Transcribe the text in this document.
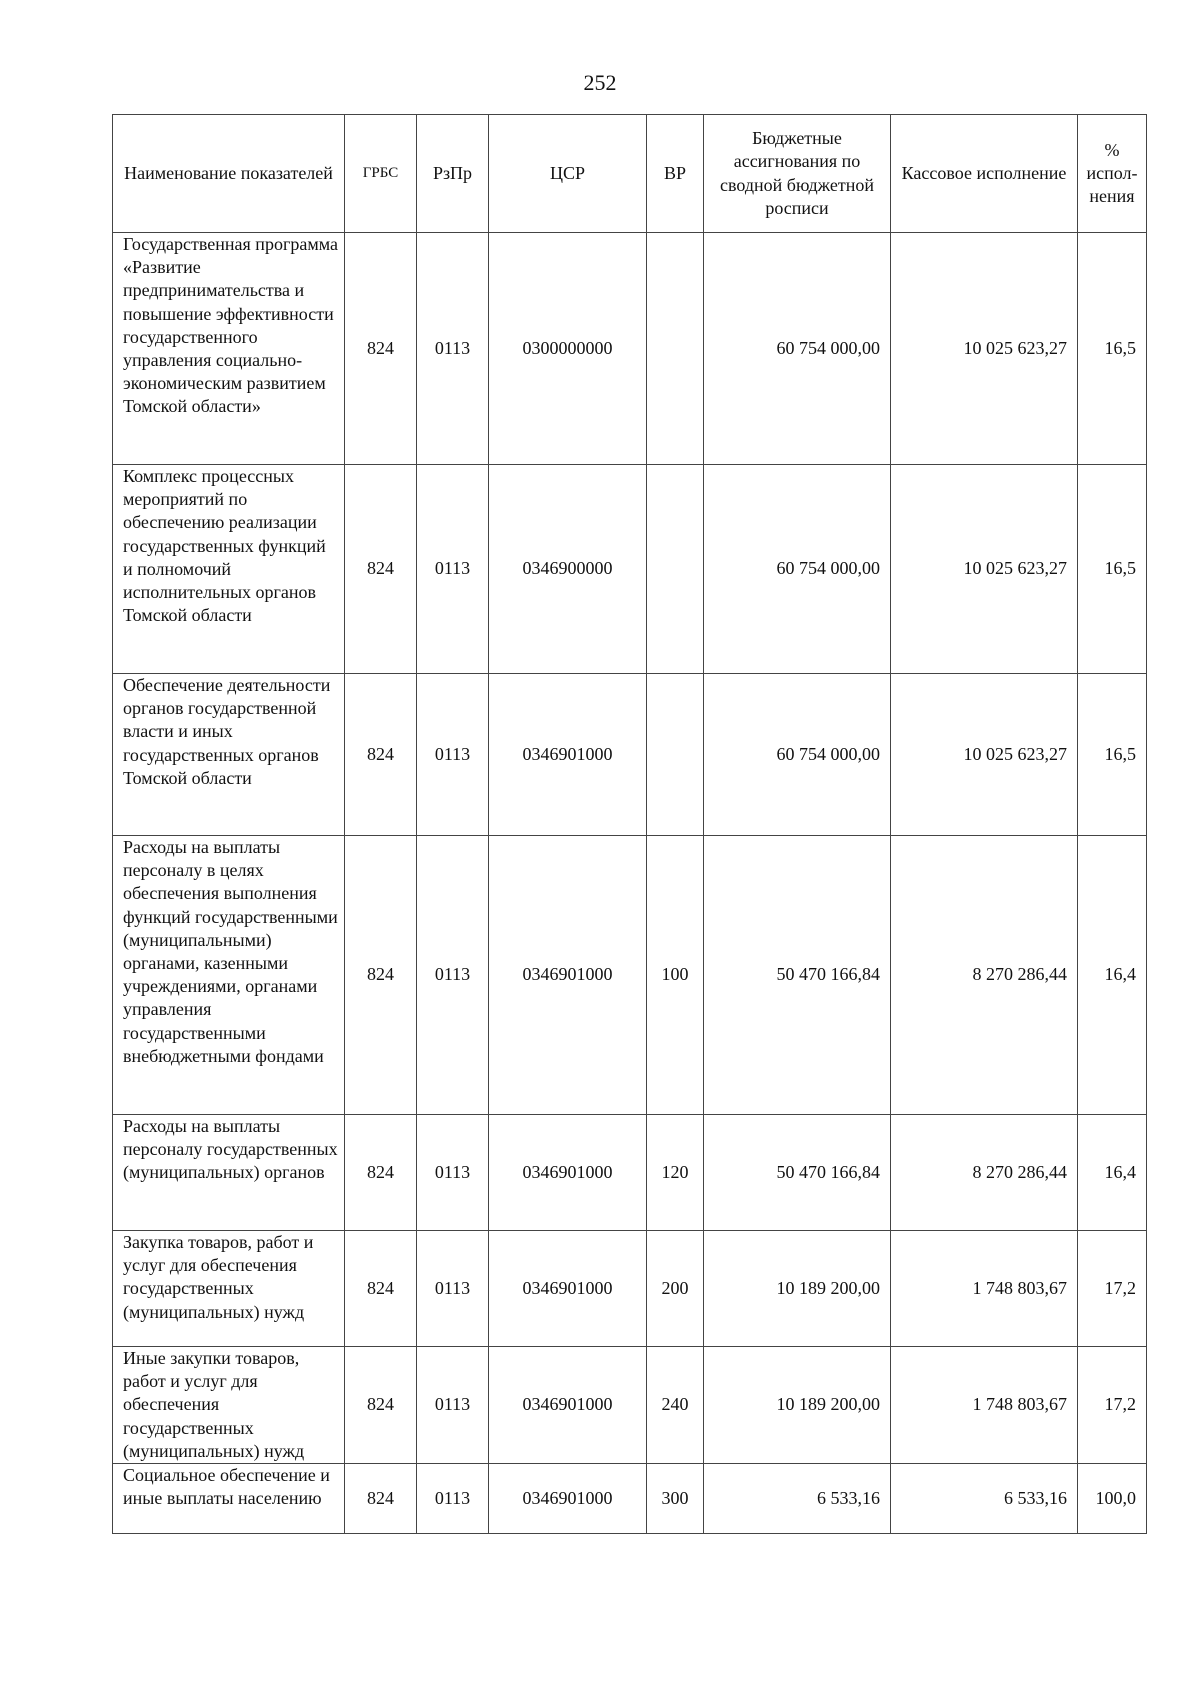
252
Наименование показателей	ГРБС	РзПр	ЦСР	ВР	Бюджетные ассигнования по сводной бюджетной росписи	Кассовое исполнение	% испол-нения
Государственная программа «Развитие предпринимательства и повышение эффективности государственного управления социально-экономическим развитием Томской области»	824	0113	0300000000		60 754 000,00	10 025 623,27	16,5
Комплекс процессных мероприятий по обеспечению реализации государственных функций и полномочий исполнительных органов Томской области	824	0113	0346900000		60 754 000,00	10 025 623,27	16,5
Обеспечение деятельности органов государственной власти и иных государственных органов Томской области	824	0113	0346901000		60 754 000,00	10 025 623,27	16,5
Расходы на выплаты персоналу в целях обеспечения выполнения функций государственными (муниципальными) органами, казенными учреждениями, органами управления государственными внебюджетными фондами	824	0113	0346901000	100	50 470 166,84	8 270 286,44	16,4
Расходы на выплаты персоналу государственных (муниципальных) органов	824	0113	0346901000	120	50 470 166,84	8 270 286,44	16,4
Закупка товаров, работ и услуг для обеспечения государственных (муниципальных) нужд	824	0113	0346901000	200	10 189 200,00	1 748 803,67	17,2
Иные закупки товаров, работ и услуг для обеспечения государственных (муниципальных) нужд	824	0113	0346901000	240	10 189 200,00	1 748 803,67	17,2
Социальное обеспечение и иные выплаты населению	824	0113	0346901000	300	6 533,16	6 533,16	100,0
